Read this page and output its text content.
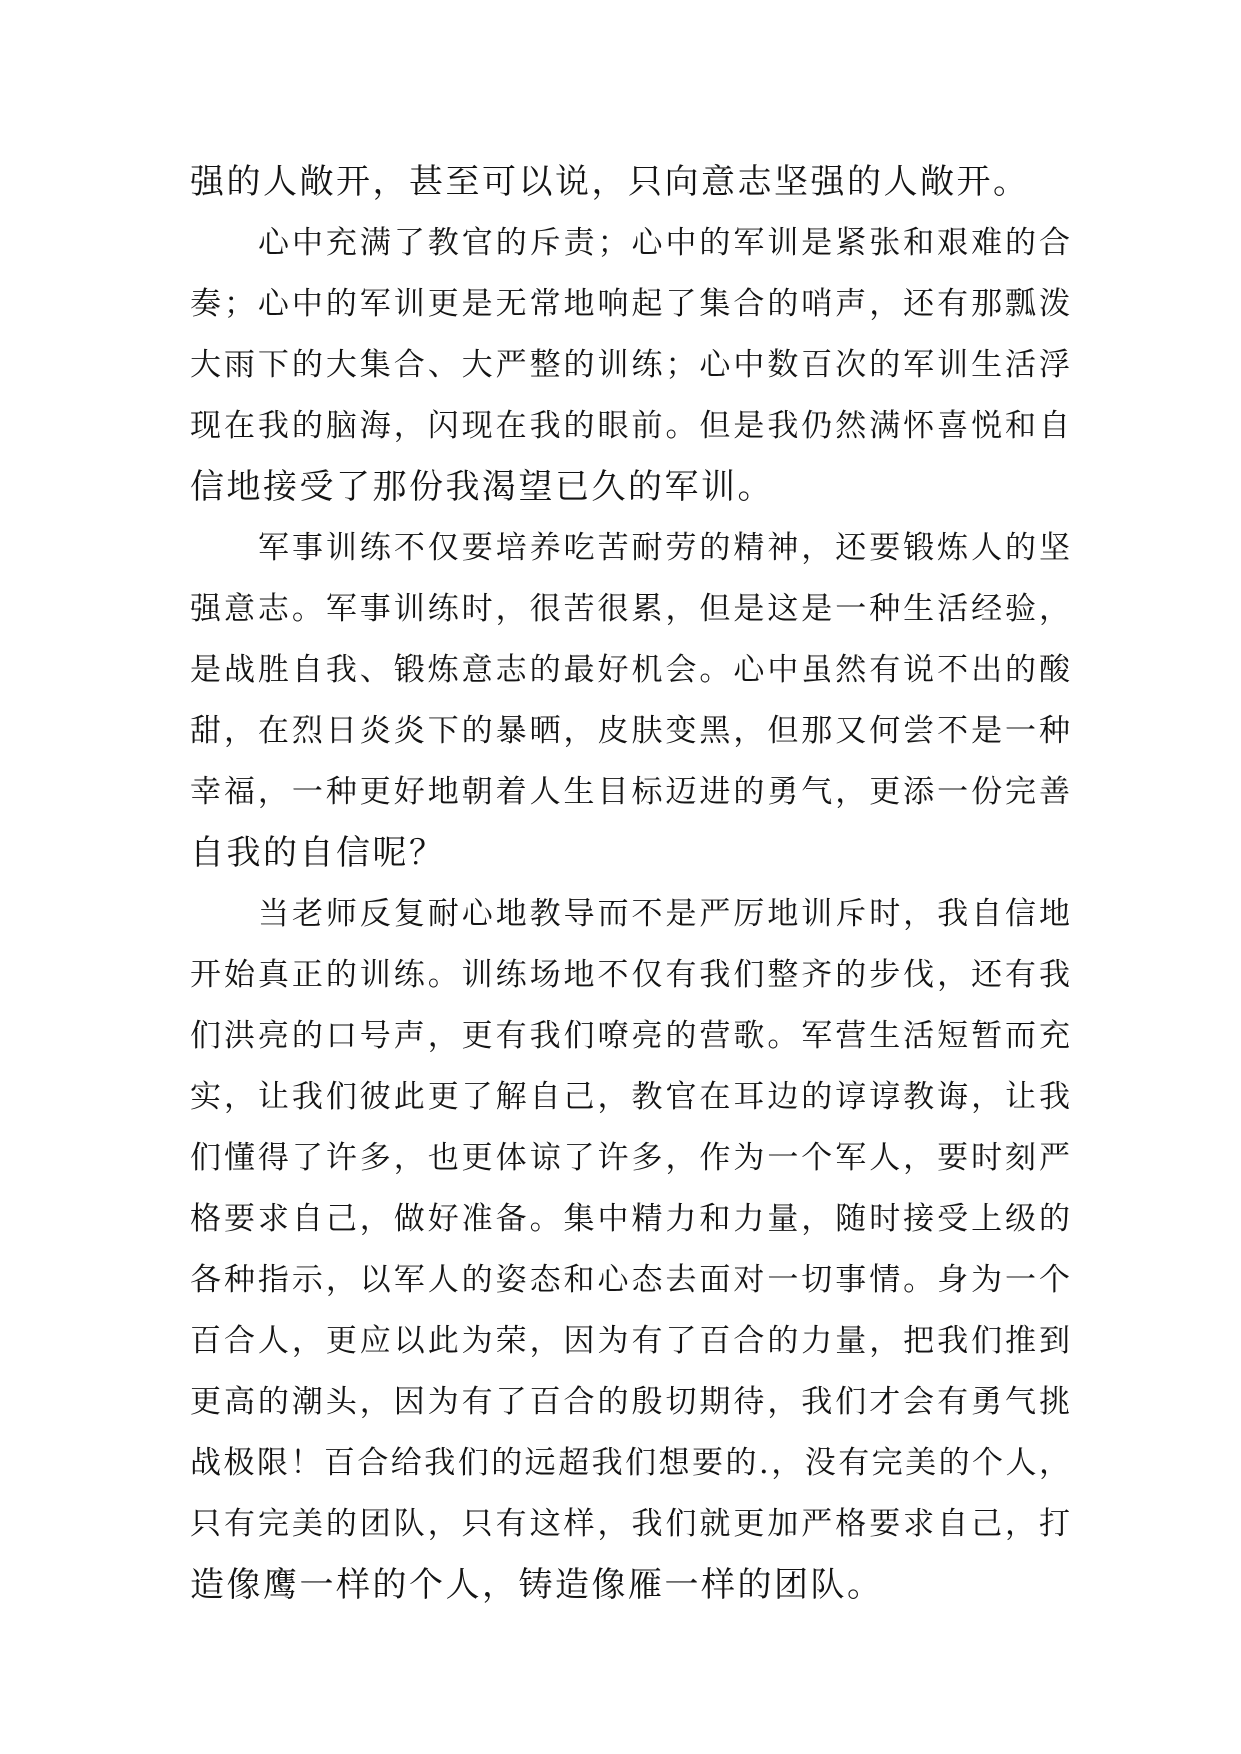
强的人敞开，甚至可以说，只向意志坚强的人敞开。
心中充满了教官的斥责；心中的军训是紧张和艰难的合
奏；心中的军训更是无常地响起了集合的哨声，还有那瓢泼
大雨下的大集合、大严整的训练；心中数百次的军训生活浮
现在我的脑海，闪现在我的眼前。但是我仍然满怀喜悦和自
信地接受了那份我渴望已久的军训。
军事训练不仅要培养吃苦耐劳的精神，还要锻炼人的坚
强意志。军事训练时，很苦很累，但是这是一种生活经验，
是战胜自我、锻炼意志的最好机会。心中虽然有说不出的酸
甜，在烈日炎炎下的暴晒，皮肤变黑，但那又何尝不是一种
幸福，一种更好地朝着人生目标迈进的勇气，更添一份完善
自我的自信呢？
当老师反复耐心地教导而不是严厉地训斥时，我自信地
开始真正的训练。训练场地不仅有我们整齐的步伐，还有我
们洪亮的口号声，更有我们嘹亮的营歌。军营生活短暂而充
实，让我们彼此更了解自己，教官在耳边的谆谆教诲，让我
们懂得了许多，也更体谅了许多，作为一个军人，要时刻严
格要求自己，做好准备。集中精力和力量，随时接受上级的
各种指示，以军人的姿态和心态去面对一切事情。身为一个
百合人，更应以此为荣，因为有了百合的力量，把我们推到
更高的潮头，因为有了百合的殷切期待，我们才会有勇气挑
战极限！百合给我们的远超我们想要的.，没有完美的个人，
只有完美的团队，只有这样，我们就更加严格要求自己，打
造像鹰一样的个人，铸造像雁一样的团队。
